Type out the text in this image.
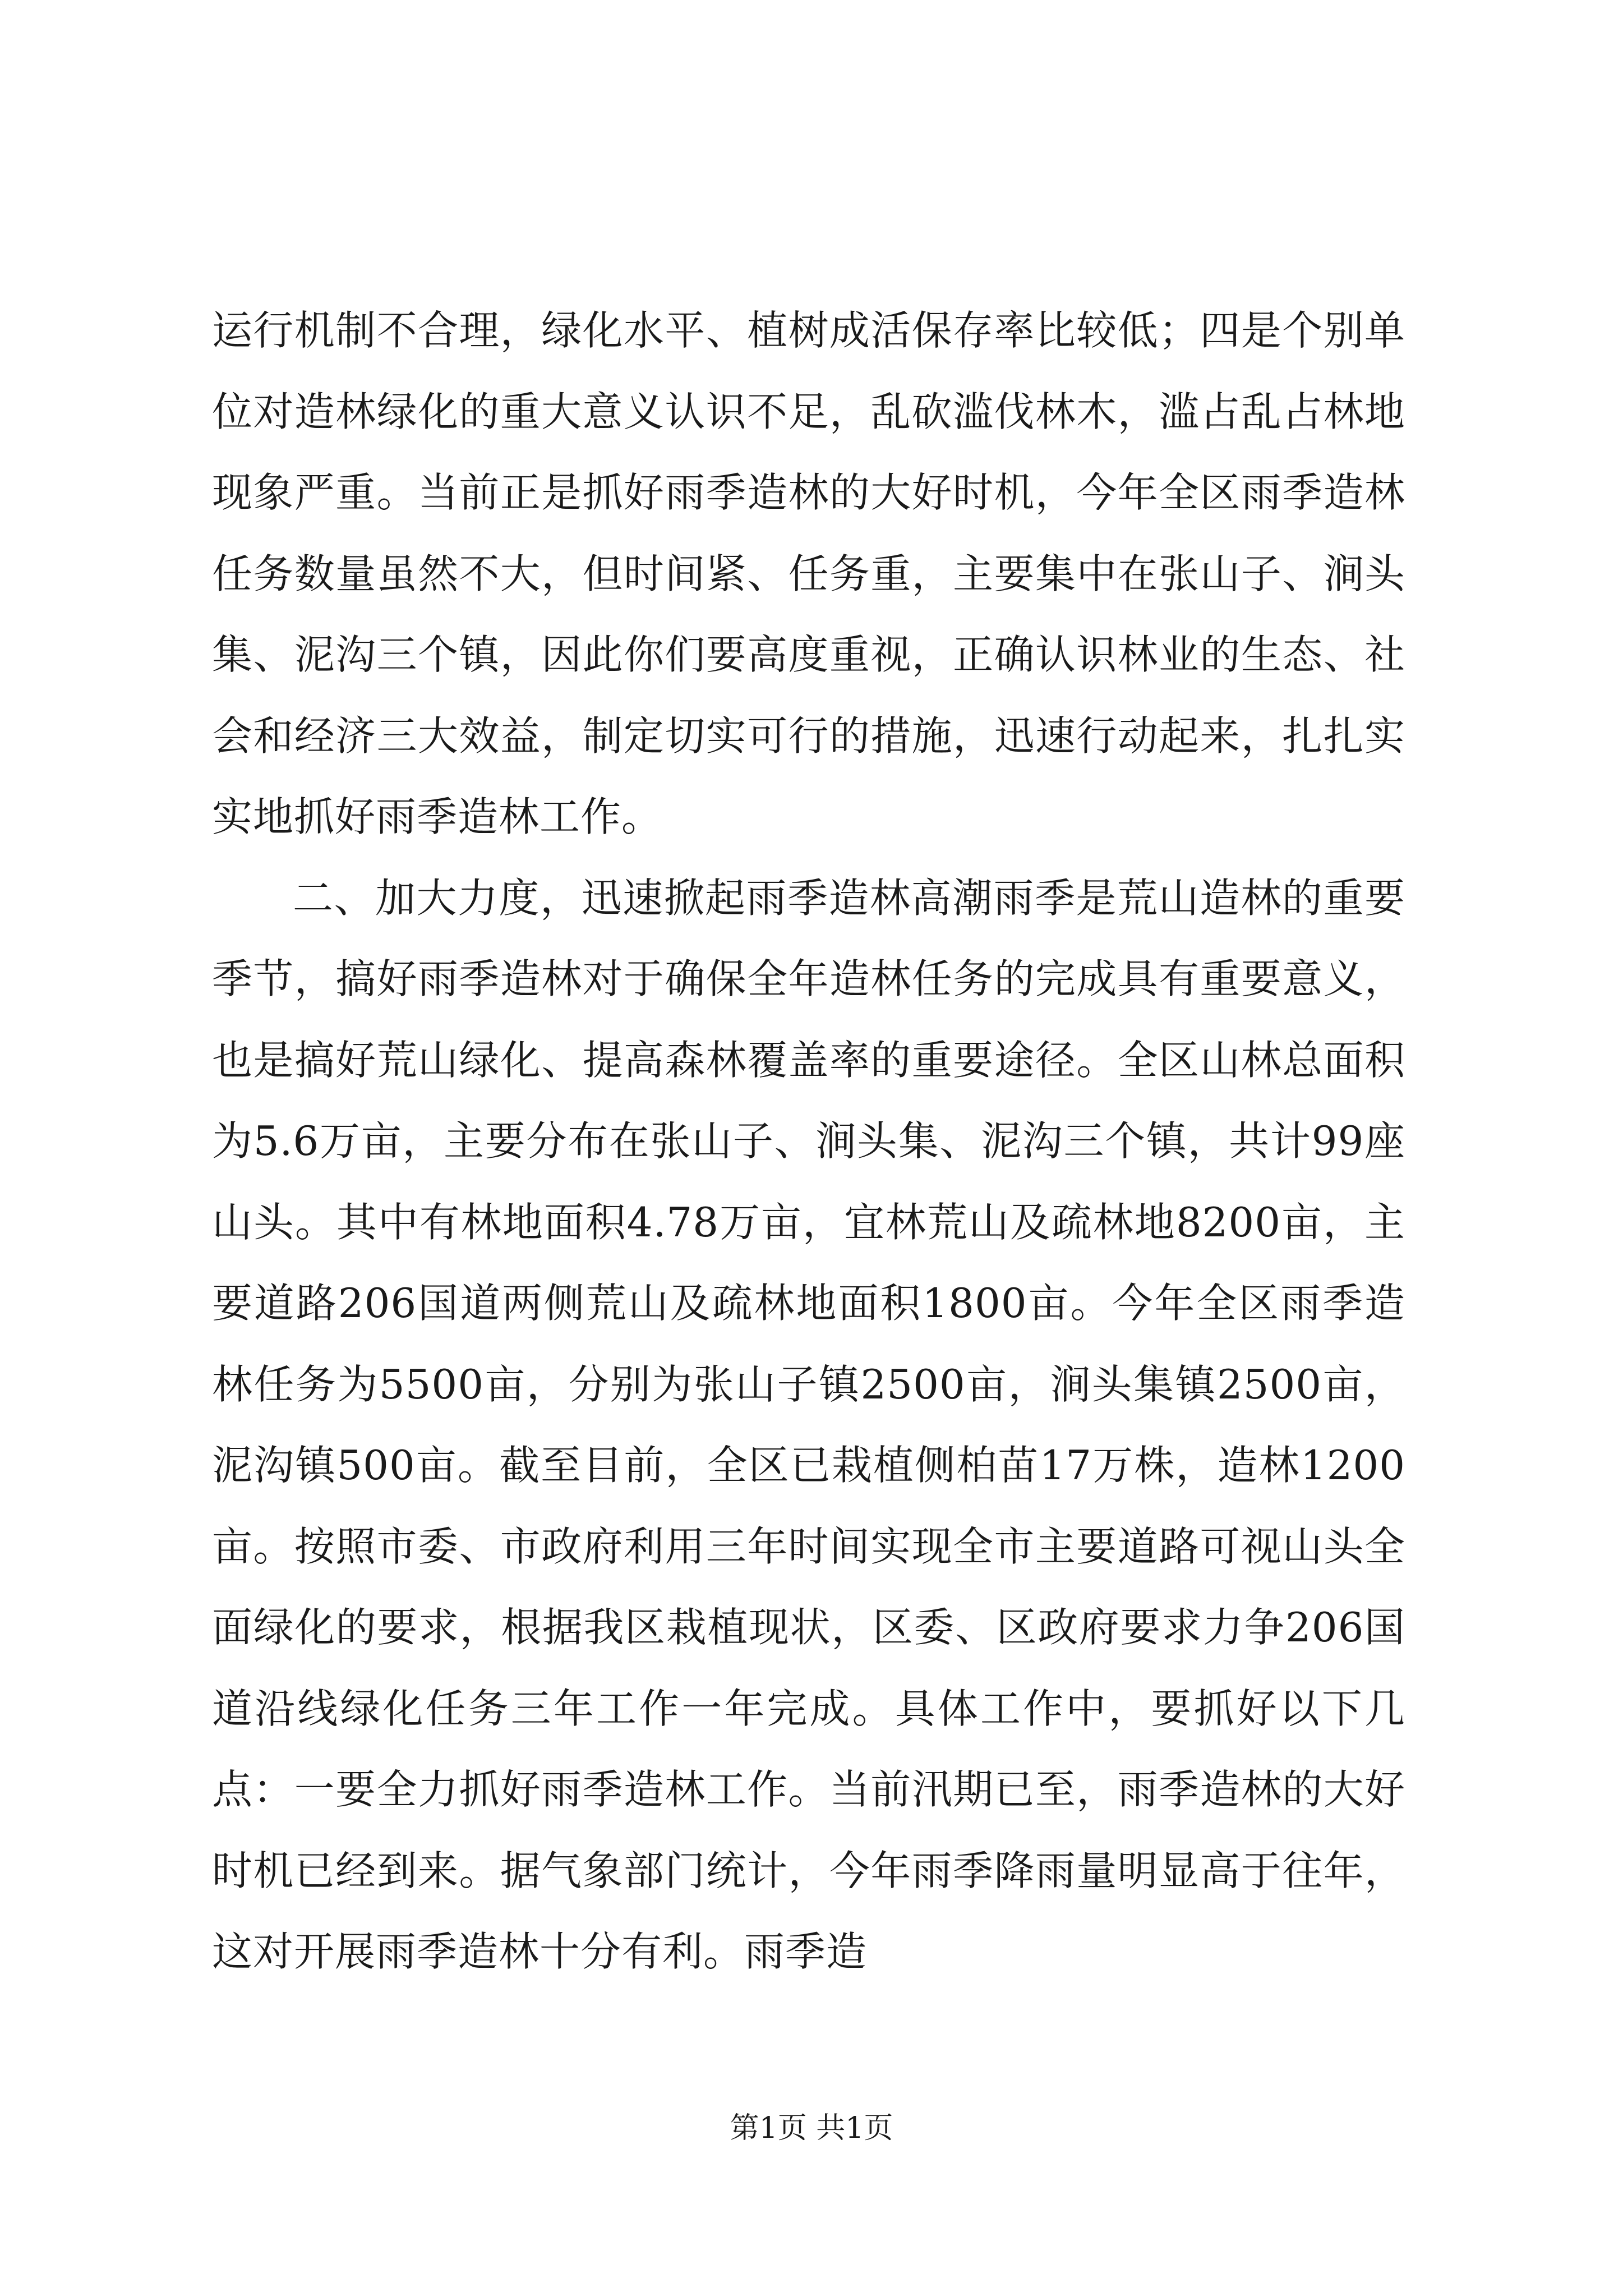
运行机制不合理，绿化水平、植树成活保存率比较低；四是个别单位对造林绿化的重大意义认识不足，乱砍滥伐林木，滥占乱占林地现象严重。当前正是抓好雨季造林的大好时机，今年全区雨季造林任务数量虽然不大，但时间紧、任务重，主要集中在张山子、涧头集、泥沟三个镇，因此你们要高度重视，正确认识林业的生态、社会和经济三大效益，制定切实可行的措施，迅速行动起来，扎扎实实地抓好雨季造林工作。

二、加大力度，迅速掀起雨季造林高潮雨季是荒山造林的重要季节，搞好雨季造林对于确保全年造林任务的完成具有重要意义，也是搞好荒山绿化、提高森林覆盖率的重要途径。全区山林总面积为5.6万亩，主要分布在张山子、涧头集、泥沟三个镇，共计99座山头。其中有林地面积4.78万亩，宜林荒山及疏林地8200亩，主要道路206国道两侧荒山及疏林地面积1800亩。今年全区雨季造林任务为5500亩，分别为张山子镇2500亩，涧头集镇2500亩，泥沟镇500亩。截至目前，全区已栽植侧柏苗17万株，造林1200亩。按照市委、市政府利用三年时间实现全市主要道路可视山头全面绿化的要求，根据我区栽植现状，区委、区政府要求力争206国道沿线绿化任务三年工作一年完成。具体工作中，要抓好以下几点：一要全力抓好雨季造林工作。当前汛期已至，雨季造林的大好时机已经到来。据气象部门统计，今年雨季降雨量明显高于往年，这对开展雨季造林十分有利。雨季造

第1页 共1页
